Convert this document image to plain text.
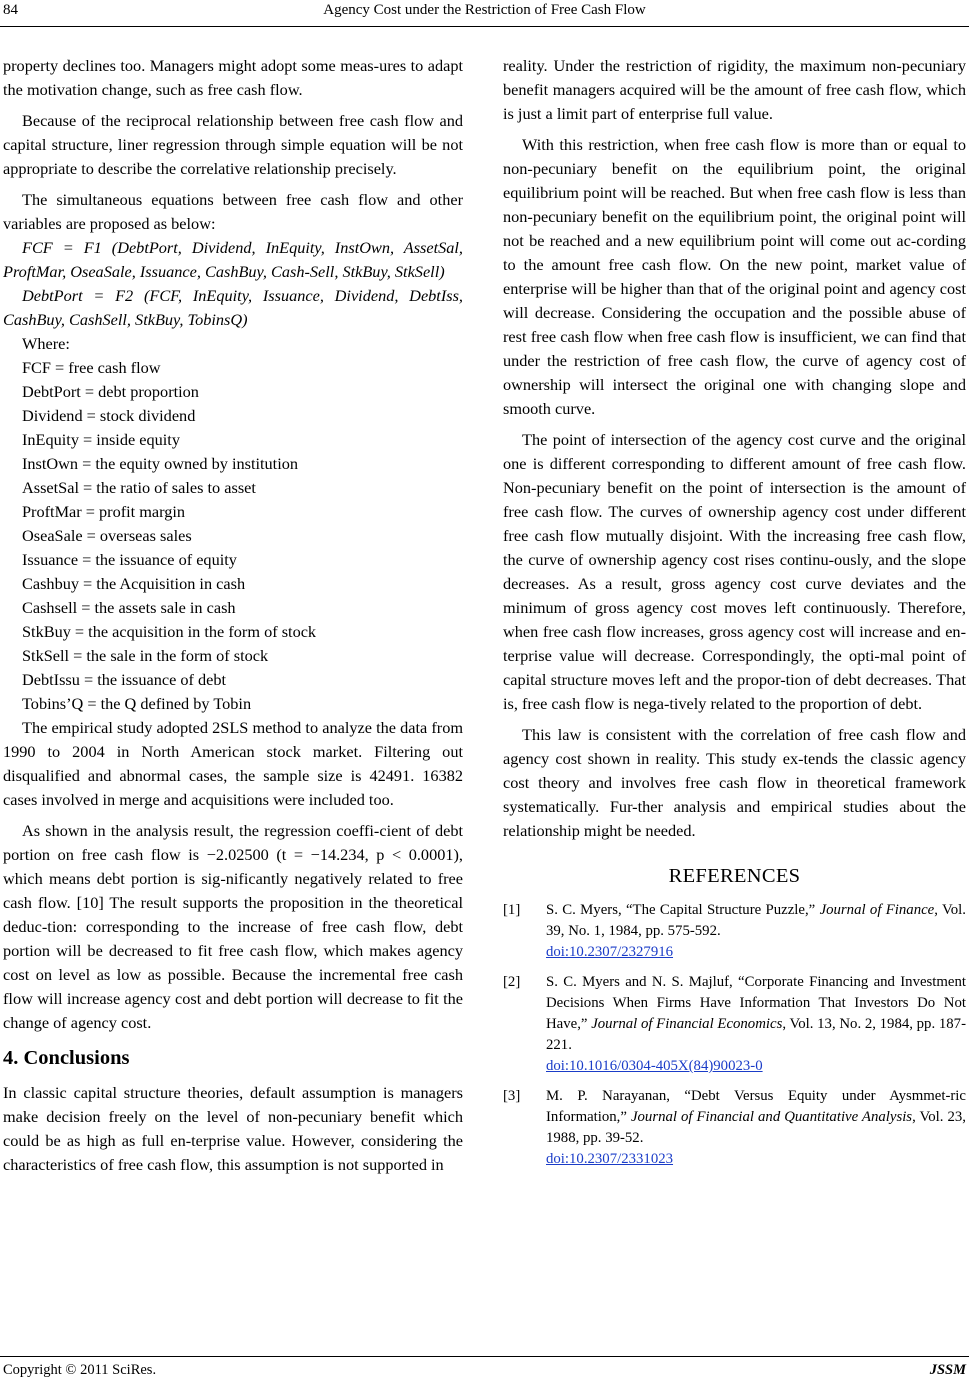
84	Agency Cost under the Restriction of Free Cash Flow

property declines too. Managers might adopt some meas-ures to adapt the motivation change, such as free cash flow.

Because of the reciprocal relationship between free cash flow and capital structure, liner regression through simple equation will be not appropriate to describe the correlative relationship precisely.

The simultaneous equations between free cash flow and other variables are proposed as below:

FCF = F1 (DebtPort, Dividend, InEquity, InstOwn, AssetSal, ProftMar, OseaSale, Issuance, CashBuy, Cash-Sell, StkBuy, StkSell)

DebtPort = F2 (FCF, InEquity, Issuance, Dividend, DebtIss, CashBuy, CashSell, StkBuy, TobinsQ)

Where:
FCF = free cash flow
DebtPort = debt proportion
Dividend = stock dividend
InEquity = inside equity
InstOwn = the equity owned by institution
AssetSal = the ratio of sales to asset
ProftMar = profit margin
OseaSale = overseas sales
Issuance = the issuance of equity
Cashbuy = the Acquisition in cash
Cashsell = the assets sale in cash
StkBuy = the acquisition in the form of stock
StkSell = the sale in the form of stock
DebtIssu = the issuance of debt
Tobins’Q = the Q defined by Tobin

The empirical study adopted 2SLS method to analyze the data from 1990 to 2004 in North American stock market. Filtering out disqualified and abnormal cases, the sample size is 42491. 16382 cases involved in merge and acquisitions were included too.

As shown in the analysis result, the regression coeffi-cient of debt portion on free cash flow is −2.02500 (t = −14.234, p < 0.0001), which means debt portion is sig-nificantly negatively related to free cash flow. [10] The result supports the proposition in the theoretical deduc-tion: corresponding to the increase of free cash flow, debt portion will be decreased to fit free cash flow, which makes agency cost on level as low as possible. Because the incremental free cash flow will increase agency cost and debt portion will decrease to fit the change of agency cost.

4. Conclusions

In classic capital structure theories, default assumption is managers make decision freely on the level of non-pecuniary benefit which could be as high as full en-terprise value. However, considering the characteristics of free cash flow, this assumption is not supported in

reality. Under the restriction of rigidity, the maximum non-pecuniary benefit managers acquired will be the amount of free cash flow, which is just a limit part of enterprise full value.

With this restriction, when free cash flow is more than or equal to non-pecuniary benefit on the equilibrium point, the original equilibrium point will be reached. But when free cash flow is less than non-pecuniary benefit on the equilibrium point, the original point will not be reached and a new equilibrium point will come out ac-cording to the amount free cash flow. On the new point, market value of enterprise will be higher than that of the original point and agency cost will decrease. Considering the occupation and the possible abuse of rest free cash flow when free cash flow is insufficient, we can find that under the restriction of free cash flow, the curve of agency cost of ownership will intersect the original one with changing slope and smooth curve.

The point of intersection of the agency cost curve and the original one is different corresponding to different amount of free cash flow. Non-pecuniary benefit on the point of intersection is the amount of free cash flow. The curves of ownership agency cost under different free cash flow mutually disjoint. With the increasing free cash flow, the curve of ownership agency cost rises continu-ously, and the slope decreases. As a result, gross agency cost curve deviates and the minimum of gross agency cost moves left continuously. Therefore, when free cash flow increases, gross agency cost will increase and en-terprise value will decrease. Correspondingly, the opti-mal point of capital structure moves left and the propor-tion of debt decreases. That is, free cash flow is nega-tively related to the proportion of debt.

This law is consistent with the correlation of free cash flow and agency cost shown in reality. This study ex-tends the classic agency cost theory and involves free cash flow in theoretical framework systematically. Fur-ther analysis and empirical studies about the relationship might be needed.

REFERENCES
[1] S. C. Myers, “The Capital Structure Puzzle,” Journal of Finance, Vol. 39, No. 1, 1984, pp. 575-592.
doi:10.2307/2327916
[2] S. C. Myers and N. S. Majluf, “Corporate Financing and Investment Decisions When Firms Have Information That Investors Do Not Have,” Journal of Financial Economics, Vol. 13, No. 2, 1984, pp. 187-221.
doi:10.1016/0304-405X(84)90023-0
[3] M. P. Narayanan, “Debt Versus Equity under Aysmmet-ric Information,” Journal of Financial and Quantitative Analysis, Vol. 23, 1988, pp. 39-52.
doi:10.2307/2331023
Copyright © 2011 SciRes.	JSSM
